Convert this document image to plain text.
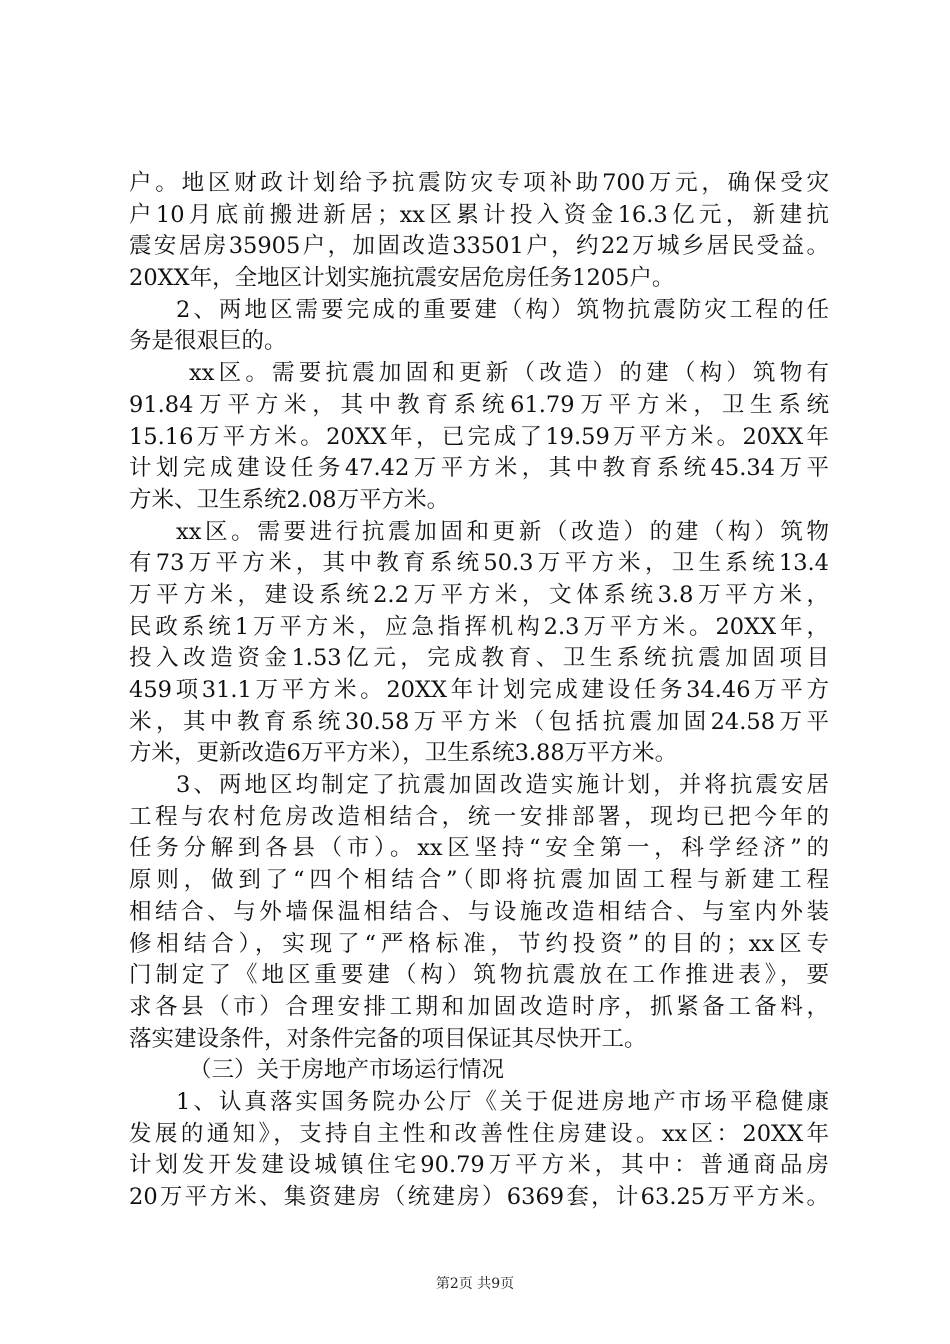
户。地区财政计划给予抗震防灾专项补助700万元，确保受灾
户10月底前搬进新居；xx区累计投入资金16.3亿元，新建抗
震安居房35905户，加固改造33501户，约22万城乡居民受益。
20XX年，全地区计划实施抗震安居危房任务1205户。
2、两地区需要完成的重要建（构）筑物抗震防灾工程的任
务是很艰巨的。
xx区。需要抗震加固和更新（改造）的建（构）筑物有
91.84万平方米，其中教育系统61.79万平方米，卫生系统
15.16万平方米。20XX年，已完成了19.59万平方米。20XX年
计划完成建设任务47.42万平方米，其中教育系统45.34万平
方米、卫生系统2.08万平方米。
xx区。需要进行抗震加固和更新（改造）的建（构）筑物
有73万平方米，其中教育系统50.3万平方米，卫生系统13.4
万平方米，建设系统2.2万平方米，文体系统3.8万平方米，
民政系统1万平方米，应急指挥机构2.3万平方米。20XX年，
投入改造资金1.53亿元，完成教育、卫生系统抗震加固项目
459项31.1万平方米。20XX年计划完成建设任务34.46万平方
米，其中教育系统30.58万平方米（包括抗震加固24.58万平
方米，更新改造6万平方米），卫生系统3.88万平方米。
3、两地区均制定了抗震加固改造实施计划，并将抗震安居
工程与农村危房改造相结合，统一安排部署，现均已把今年的
任务分解到各县（市）。xx区坚持“安全第一，科学经济”的
原则，做到了“四个相结合”（即将抗震加固工程与新建工程
相结合、与外墙保温相结合、与设施改造相结合、与室内外装
修相结合），实现了“严格标准，节约投资”的目的；xx区专
门制定了《地区重要建（构）筑物抗震放在工作推进表》，要
求各县（市）合理安排工期和加固改造时序，抓紧备工备料，
落实建设条件，对条件完备的项目保证其尽快开工。
（三）关于房地产市场运行情况
1、认真落实国务院办公厅《关于促进房地产市场平稳健康
发展的通知》，支持自主性和改善性住房建设。xx区：20XX年
计划发开发建设城镇住宅90.79万平方米，其中：普通商品房
20万平方米、集资建房（统建房）6369套，计63.25万平方米。
第2页 共9页
